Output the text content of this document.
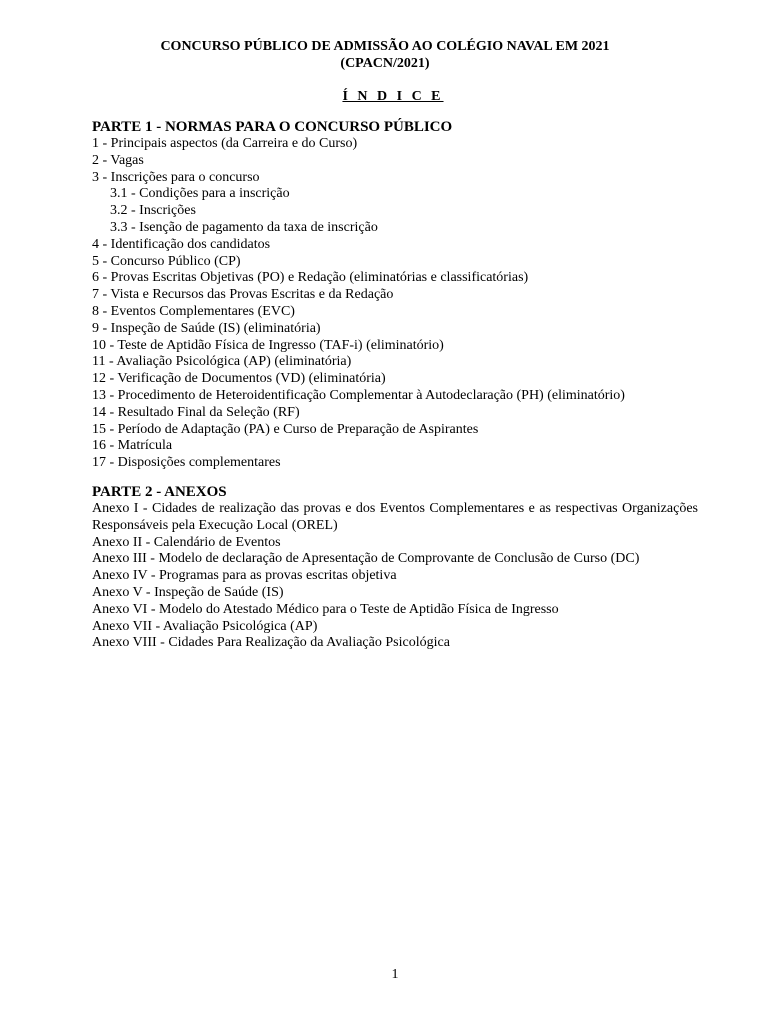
CONCURSO PÚBLICO DE ADMISSÃO AO COLÉGIO NAVAL EM 2021
(CPACN/2021)
Í N D I C E
PARTE 1 - NORMAS PARA O CONCURSO PÚBLICO
1 - Principais aspectos (da Carreira e do Curso)
2 - Vagas
3 - Inscrições para o concurso
3.1 - Condições para a inscrição
3.2 - Inscrições
3.3 - Isenção de pagamento da taxa de inscrição
4 - Identificação dos candidatos
5 - Concurso Público (CP)
6 - Provas Escritas Objetivas (PO) e Redação (eliminatórias e classificatórias)
7 - Vista e Recursos das Provas Escritas e da Redação
8 - Eventos Complementares (EVC)
9 - Inspeção de Saúde (IS) (eliminatória)
10 - Teste de Aptidão Física de Ingresso (TAF-i) (eliminatório)
11 - Avaliação Psicológica (AP) (eliminatória)
12 - Verificação de Documentos (VD) (eliminatória)
13 - Procedimento de Heteroidentificação Complementar à Autodeclaração (PH) (eliminatório)
14 - Resultado Final da Seleção (RF)
15 - Período de Adaptação (PA) e Curso de Preparação de Aspirantes
16 - Matrícula
17 - Disposições complementares
PARTE 2 - ANEXOS
Anexo I - Cidades de realização das provas e dos Eventos Complementares e as respectivas Organizações Responsáveis pela Execução Local (OREL)
Anexo II - Calendário de Eventos
Anexo III - Modelo de declaração de Apresentação de Comprovante de Conclusão de Curso (DC)
Anexo IV - Programas para as provas escritas objetiva
Anexo V - Inspeção de Saúde (IS)
Anexo VI - Modelo do Atestado Médico para o Teste de Aptidão Física de Ingresso
Anexo VII - Avaliação Psicológica (AP)
Anexo VIII - Cidades Para Realização da Avaliação Psicológica
1
